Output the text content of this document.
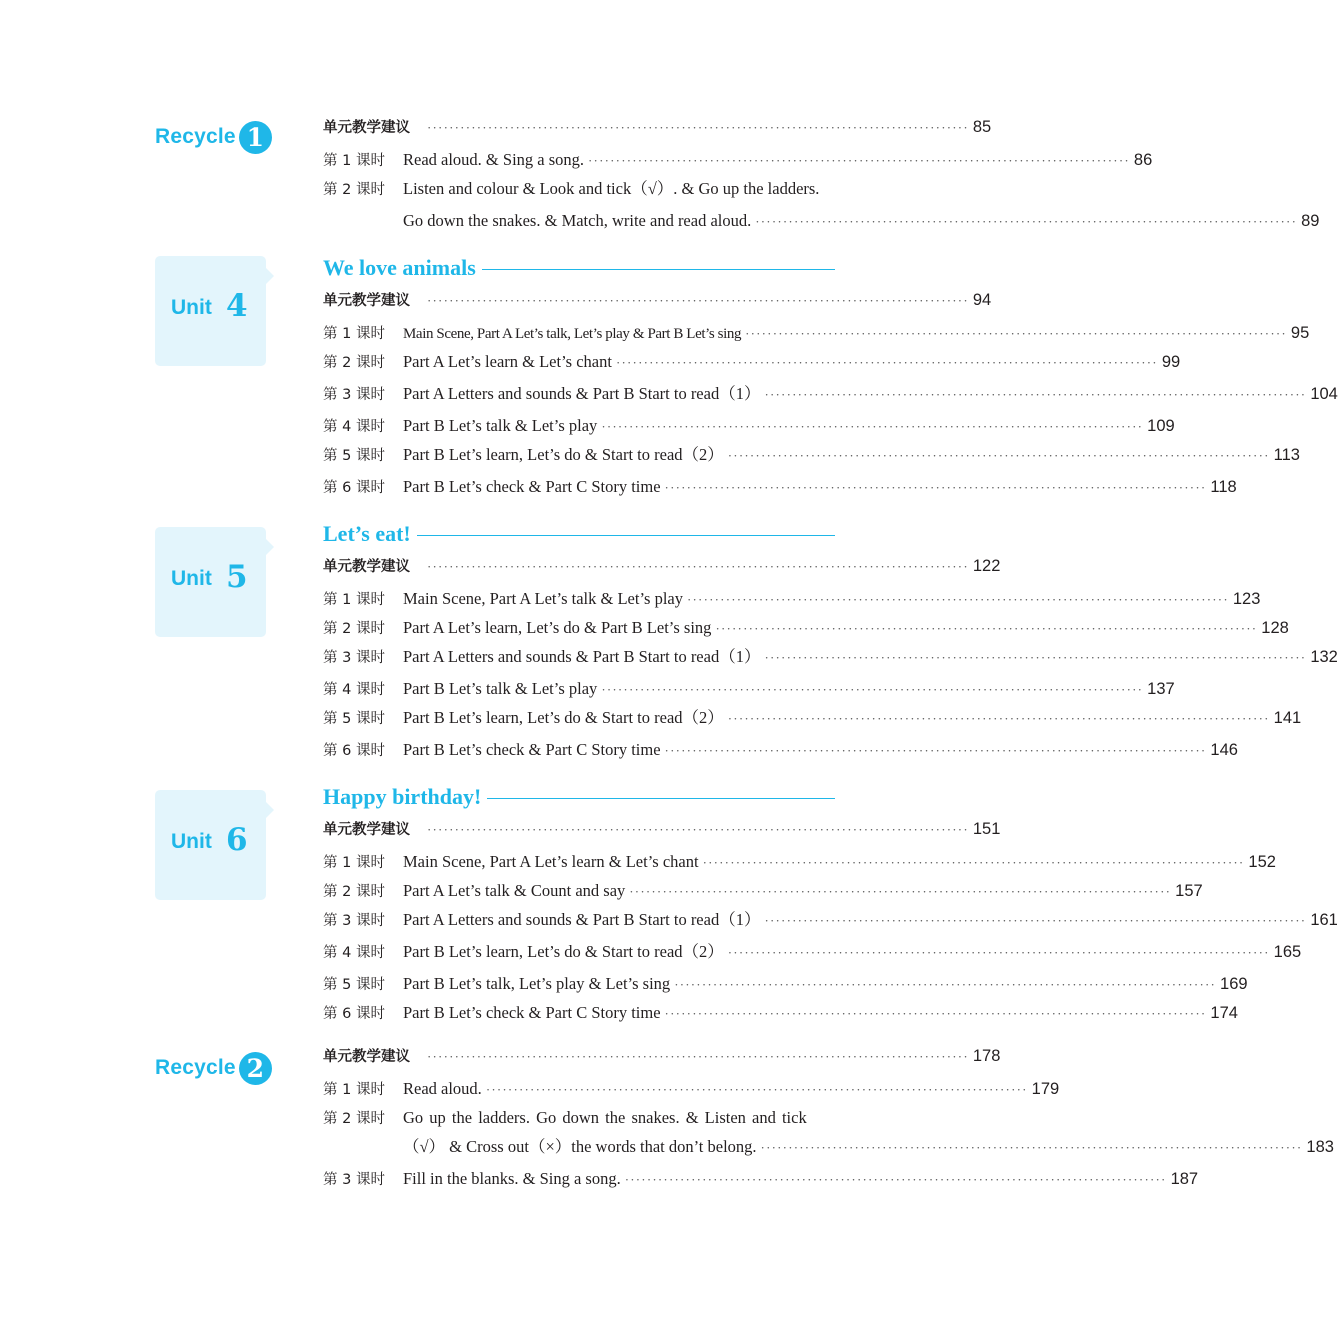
Recycle 1	单元教学建议	·································································································· 85
第 1 课时	Read aloud. & Sing a song. ·································································································· 86
第 2 课时	Listen and colour & Look and tick（√）. & Go up the ladders.
Go down the snakes. & Match, write and read aloud. ·································································································· 89
Unit 4
We love animals
单元教学建议	·································································································· 94
第 1 课时	Main Scene, Part A Let’s talk, Let’s play & Part B Let’s sing ·································································································· 95
第 2 课时	Part A Let’s learn & Let’s chant ·································································································· 99
第 3 课时	Part A Letters and sounds & Part B Start to read（1） ·································································································· 104
第 4 课时	Part B Let’s talk & Let’s play ·································································································· 109
第 5 课时	Part B Let’s learn, Let’s do & Start to read（2） ·································································································· 113
第 6 课时	Part B Let’s check & Part C Story time ·································································································· 118
Unit 5
Let’s eat!
单元教学建议	·································································································· 122
第 1 课时	Main Scene, Part A Let’s talk & Let’s play ·································································································· 123
第 2 课时	Part A Let’s learn, Let’s do & Part B Let’s sing ·································································································· 128
第 3 课时	Part A Letters and sounds & Part B Start to read（1） ·································································································· 132
第 4 课时	Part B Let’s talk & Let’s play ·································································································· 137
第 5 课时	Part B Let’s learn, Let’s do & Start to read（2） ·································································································· 141
第 6 课时	Part B Let’s check & Part C Story time ·································································································· 146
Unit 6
Happy birthday!
单元教学建议	·································································································· 151
第 1 课时	Main Scene, Part A Let’s learn & Let’s chant ·································································································· 152
第 2 课时	Part A Let’s talk & Count and say ·································································································· 157
第 3 课时	Part A Letters and sounds & Part B Start to read（1） ·································································································· 161
第 4 课时	Part B Let’s learn, Let’s do & Start to read（2） ·································································································· 165
第 5 课时	Part B Let’s talk, Let’s play & Let’s sing ·································································································· 169
第 6 课时	Part B Let’s check & Part C Story time ·································································································· 174
Recycle 2	单元教学建议	·································································································· 178
第 1 课时	Read aloud. ·································································································· 179
第 2 课时	Go up the ladders. Go down the snakes. & Listen and tick
（√） & Cross out（×）the words that don’t belong. ·································································································· 183
第 3 课时	Fill in the blanks. & Sing a song. ·································································································· 187
